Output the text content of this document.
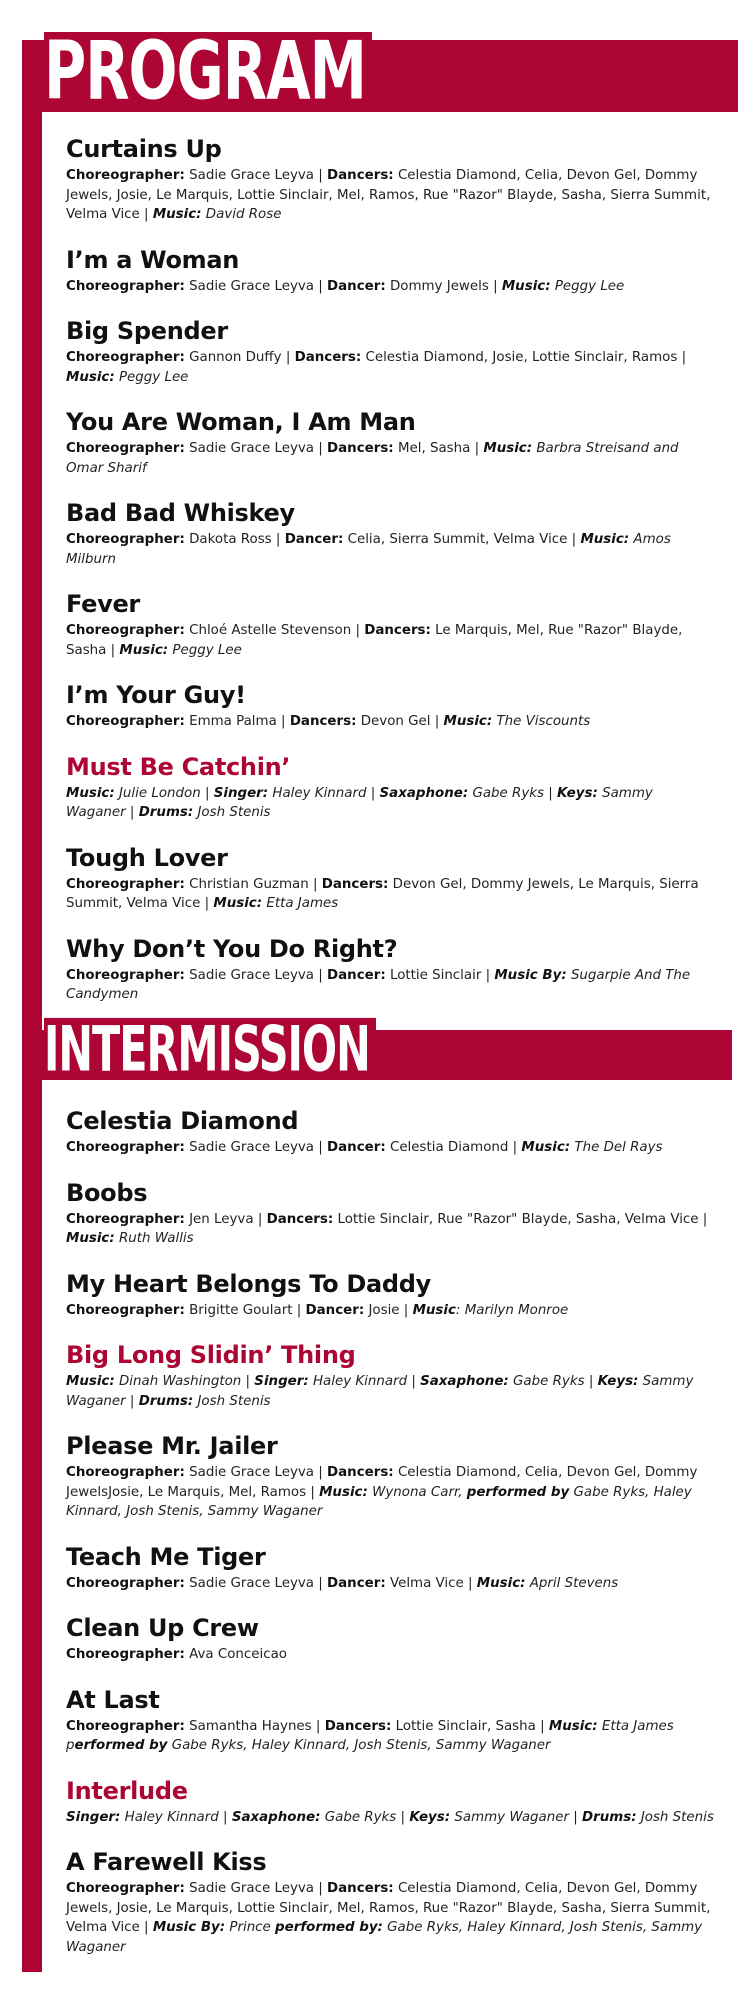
PROGRAM
Curtains Up

Choreographer: Sadie Grace Leyva | Dancers: Celestia Diamond, Celia, Devon Gel, Dommy Jewels, Josie, Le Marquis, Lottie Sinclair, Mel, Ramos, Rue "Razor" Blayde, Sasha, Sierra Summit, Velma Vice | Music: David Rose

I’m a Woman

Choreographer: Sadie Grace Leyva | Dancer: Dommy Jewels | Music: Peggy Lee

Big Spender

Choreographer: Gannon Duffy | Dancers: Celestia Diamond, Josie, Lottie Sinclair, Ramos | Music: Peggy Lee

You Are Woman, I Am Man

Choreographer: Sadie Grace Leyva | Dancers: Mel, Sasha | Music: Barbra Streisand and Omar Sharif

Bad Bad Whiskey

Choreographer: Dakota Ross | Dancer: Celia, Sierra Summit, Velma Vice | Music: Amos Milburn

Fever

Choreographer: Chloé Astelle Stevenson | Dancers: Le Marquis, Mel, Rue "Razor" Blayde, Sasha | Music: Peggy Lee

I’m Your Guy!

Choreographer: Emma Palma | Dancers: Devon Gel | Music: The Viscounts

Must Be Catchin’

Music: Julie London | Singer: Haley Kinnard | Saxaphone: Gabe Ryks | Keys: Sammy Waganer | Drums: Josh Stenis

Tough Lover

Choreographer: Christian Guzman | Dancers: Devon Gel, Dommy Jewels, Le Marquis, Sierra Summit, Velma Vice | Music: Etta James

Why Don’t You Do Right?

Choreographer: Sadie Grace Leyva | Dancer: Lottie Sinclair | Music By: Sugarpie And The Candymen

INTERMISSION
Celestia Diamond

Choreographer: Sadie Grace Leyva | Dancer: Celestia Diamond | Music: The Del Rays

Boobs

Choreographer: Jen Leyva | Dancers: Lottie Sinclair, Rue "Razor" Blayde, Sasha, Velma Vice | Music: Ruth Wallis

My Heart Belongs To Daddy

Choreographer: Brigitte Goulart | Dancer: Josie | Music: Marilyn Monroe

Big Long Slidin’ Thing

Music: Dinah Washington | Singer: Haley Kinnard | Saxaphone: Gabe Ryks | Keys: Sammy Waganer | Drums: Josh Stenis

Please Mr. Jailer

Choreographer: Sadie Grace Leyva | Dancers: Celestia Diamond, Celia, Devon Gel, Dommy JewelsJosie, Le Marquis, Mel, Ramos | Music: Wynona Carr, performed by Gabe Ryks, Haley Kinnard, Josh Stenis, Sammy Waganer

Teach Me Tiger

Choreographer: Sadie Grace Leyva | Dancer: Velma Vice | Music: April Stevens

Clean Up Crew

Choreographer: Ava Conceicao

At Last

Choreographer: Samantha Haynes | Dancers: Lottie Sinclair, Sasha | Music: Etta James performed by Gabe Ryks, Haley Kinnard, Josh Stenis, Sammy Waganer

Interlude

Singer: Haley Kinnard | Saxaphone: Gabe Ryks | Keys: Sammy Waganer | Drums: Josh Stenis

A Farewell Kiss

Choreographer: Sadie Grace Leyva | Dancers: Celestia Diamond, Celia, Devon Gel, Dommy Jewels, Josie, Le Marquis, Lottie Sinclair, Mel, Ramos, Rue "Razor" Blayde, Sasha, Sierra Summit, Velma Vice | Music By: Prince performed by: Gabe Ryks, Haley Kinnard, Josh Stenis, Sammy Waganer
